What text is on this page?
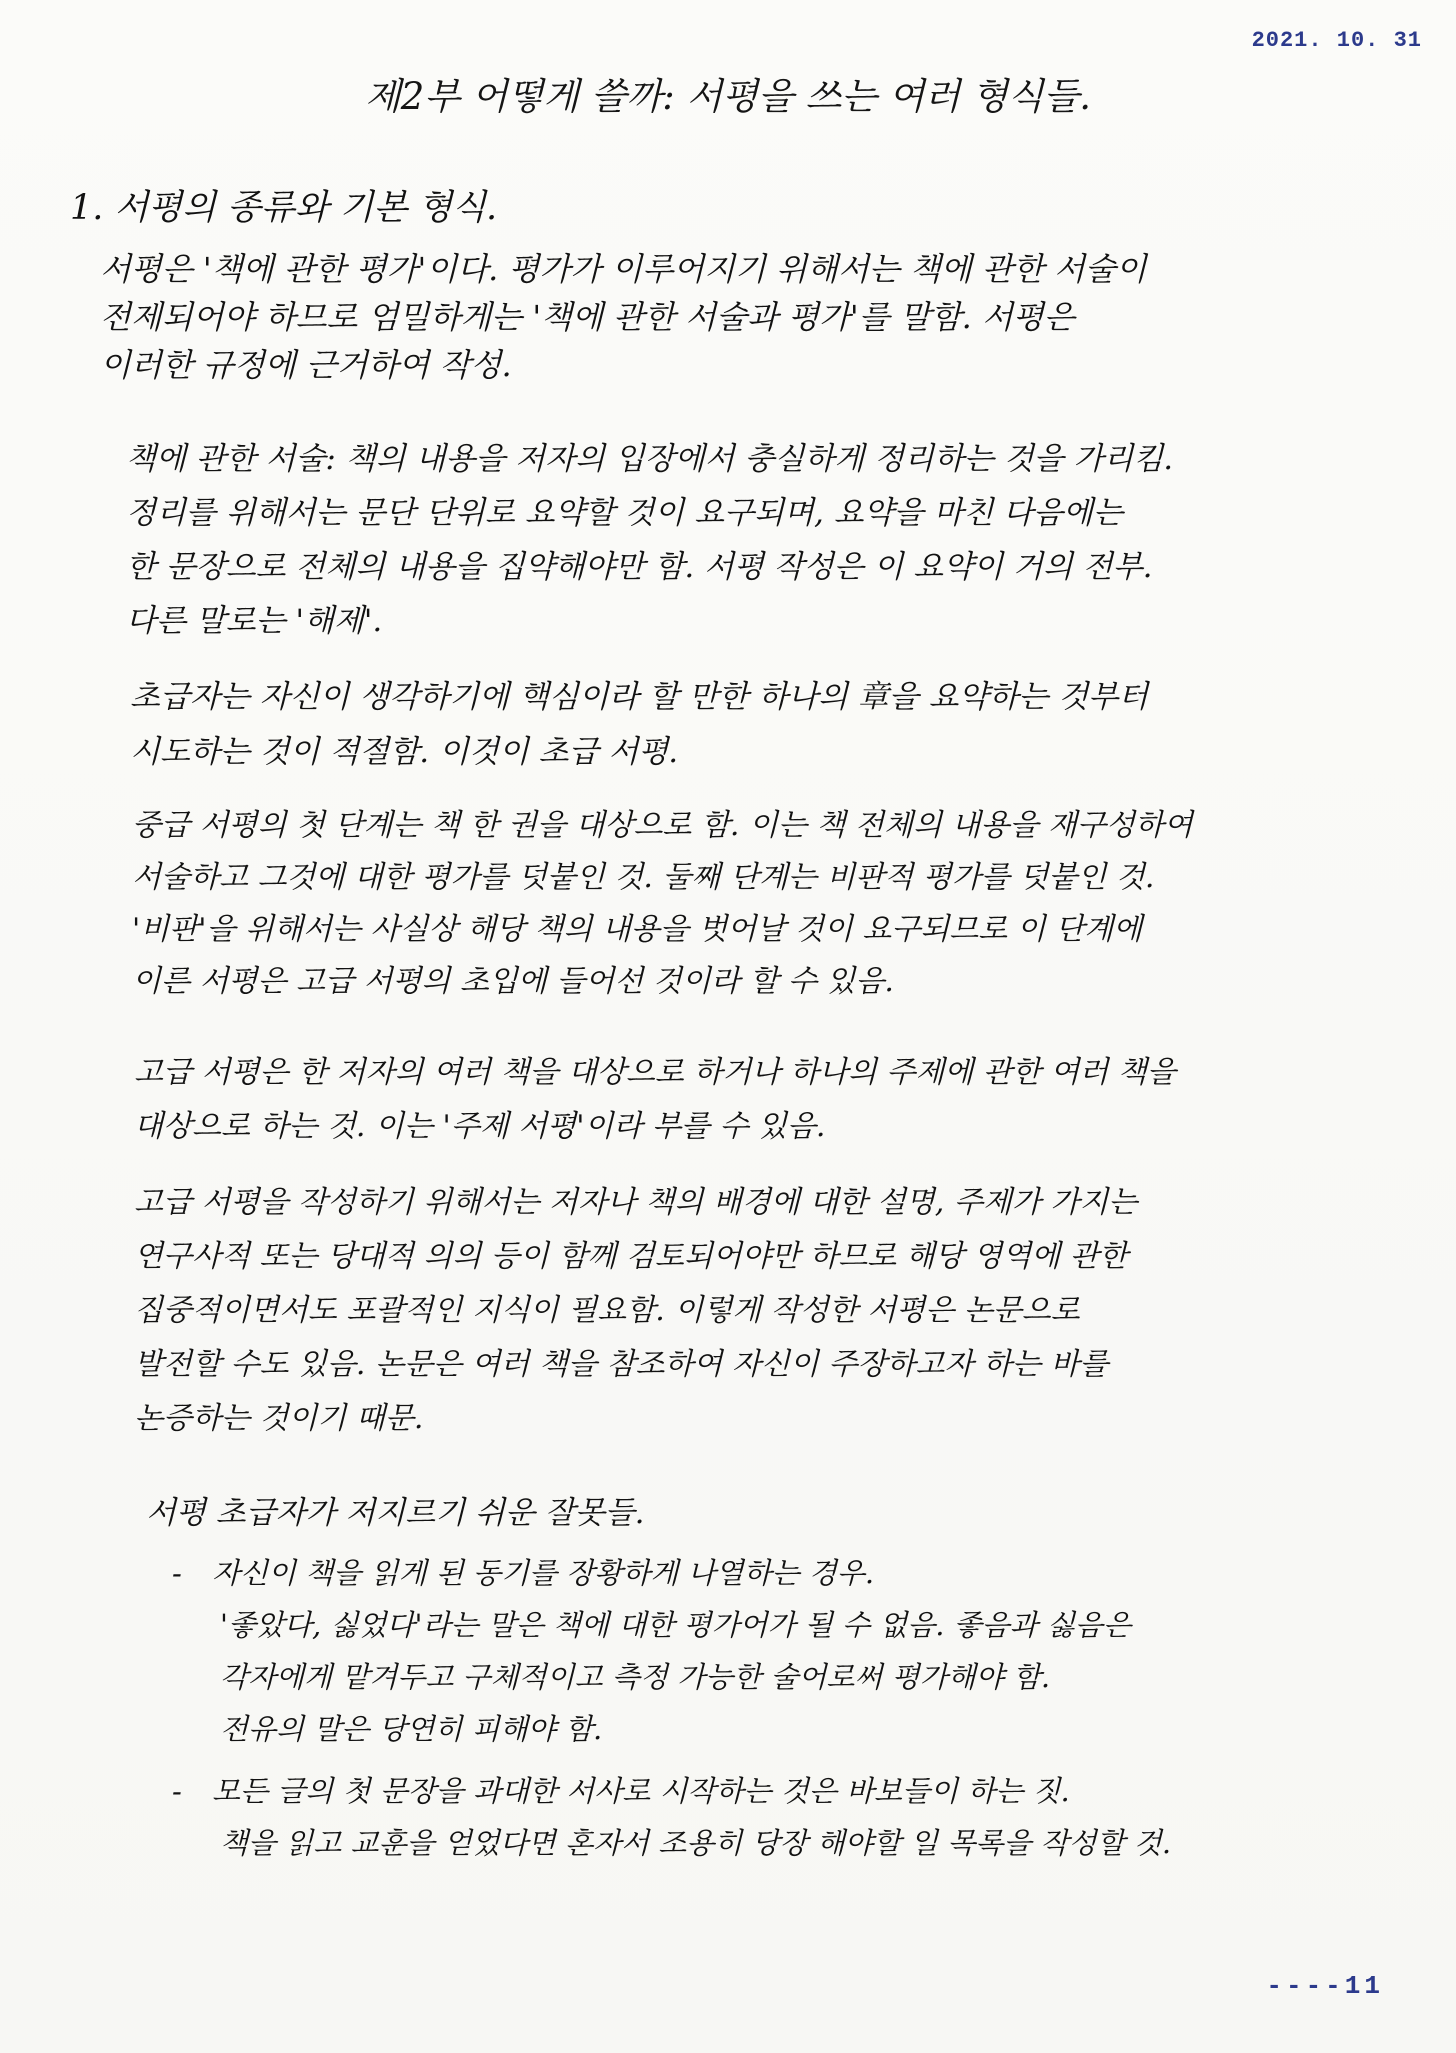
2021. 10. 31
제2부 어떻게 쓸까: 서평을 쓰는 여러 형식들.
1. 서평의 종류와 기본 형식.
서평은 '책에 관한 평가'이다. 평가가 이루어지기 위해서는 책에 관한 서술이
전제되어야 하므로 엄밀하게는 '책에 관한 서술과 평가'를 말함. 서평은
이러한 규정에 근거하여 작성.
책에 관한 서술: 책의 내용을 저자의 입장에서 충실하게 정리하는 것을 가리킴.
정리를 위해서는 문단 단위로 요약할 것이 요구되며, 요약을 마친 다음에는
한 문장으로 전체의 내용을 집약해야만 함. 서평 작성은 이 요약이 거의 전부.
다른 말로는 '해제'.
초급자는 자신이 생각하기에 핵심이라 할 만한 하나의 章을 요약하는 것부터
시도하는 것이 적절함. 이것이 초급 서평.
중급 서평의 첫 단계는 책 한 권을 대상으로 함. 이는 책 전체의 내용을 재구성하여
서술하고 그것에 대한 평가를 덧붙인 것. 둘째 단계는 비판적 평가를 덧붙인 것.
'비판'을 위해서는 사실상 해당 책의 내용을 벗어날 것이 요구되므로 이 단계에
이른 서평은 고급 서평의 초입에 들어선 것이라 할 수 있음.
고급 서평은 한 저자의 여러 책을 대상으로 하거나 하나의 주제에 관한 여러 책을
대상으로 하는 것. 이는 '주제 서평'이라 부를 수 있음.
고급 서평을 작성하기 위해서는 저자나 책의 배경에 대한 설명, 주제가 가지는
연구사적 또는 당대적 의의 등이 함께 검토되어야만 하므로 해당 영역에 관한
집중적이면서도 포괄적인 지식이 필요함. 이렇게 작성한 서평은 논문으로
발전할 수도 있음. 논문은 여러 책을 참조하여 자신이 주장하고자 하는 바를
논증하는 것이기 때문.
서평 초급자가 저지르기 쉬운 잘못들.
- 자신이 책을 읽게 된 동기를 장황하게 나열하는 경우.
'좋았다, 싫었다'라는 말은 책에 대한 평가어가 될 수 없음. 좋음과 싫음은
각자에게 맡겨두고 구체적이고 측정 가능한 술어로써 평가해야 함.
전유의 말은 당연히 피해야 함.
- 모든 글의 첫 문장을 과대한 서사로 시작하는 것은 바보들이 하는 짓.
책을 읽고 교훈을 얻었다면 혼자서 조용히 당장 해야할 일 목록을 작성할 것.
----11
